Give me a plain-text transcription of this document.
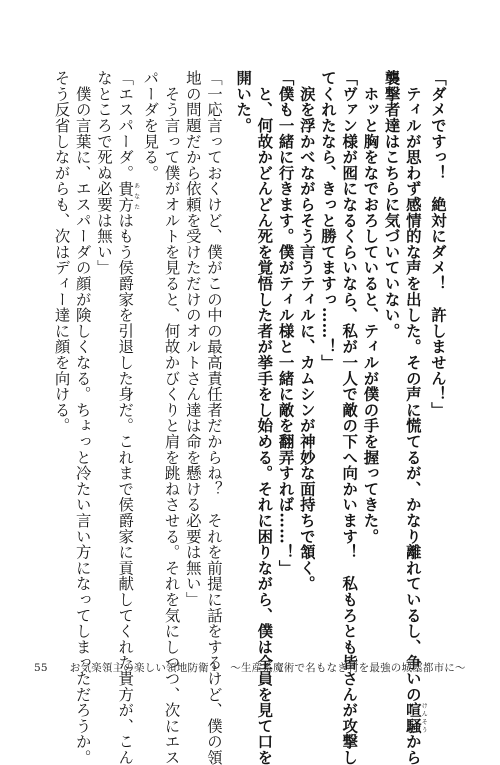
「ダメですっ！　絶対にダメ！　許しません！」
　ティルが思わず感情的な声を出した。その声に慌てるが、かなり離れているし、争いの喧騒けんそうから
襲撃者達はこちらに気づいていない。
　ホッと胸をなでおろしていると、ティルが僕の手を握ってきた。
「ヴァン様が囮になるくらいなら、私が一人で敵の下へ向かいます！　私もろとも皆さんが攻撃し
てくれたなら、きっと勝てますっ……！」
　涙を浮かべながらそう言うティルに、カムシンが神妙な面持ちで頷く。
「僕も一緒に行きます。僕がティル様と一緒に敵を翻弄すれば……！」
　と、何故かどんどん死を覚悟した者が挙手をし始める。それに困りながら、僕は全員を見て口を
開いた。
「一応言っておくけど、僕がこの中の最高責任者だからね？　それを前提に話をするけど、僕の領
地の問題だから依頼を受けただけのオルトさん達は命を懸ける必要は無い」
　そう言って僕がオルトを見ると、何故かびくりと肩を跳ねさせる。それを気にしつつ、次にエス
パーダを見る。
「エスパーダ。貴方あなたはもう侯爵家を引退した身だ。これまで侯爵家に貢献してくれた貴方が、こん
なところで死ぬ必要は無い」
　僕の言葉に、エスパーダの顔が険しくなる。ちょっと冷たい言い方になってしまっただろうか。
そう反省しながらも、次はディー達に顔を向ける。
55 お気楽領主の楽しい領地防衛１　～生産系魔術で名もなき村を最強の城塞都市に～
